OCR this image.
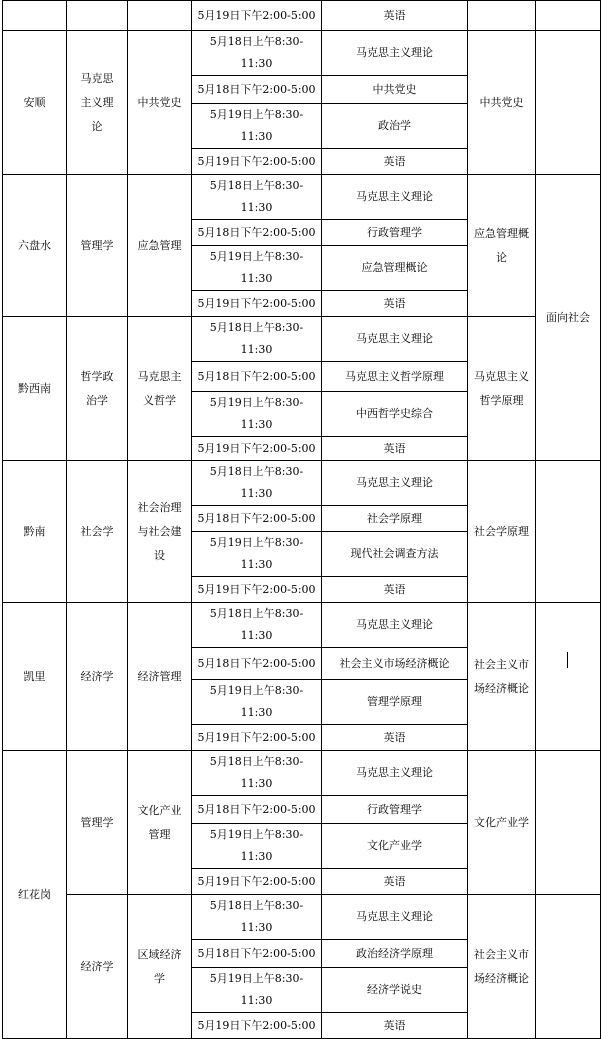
			5月19日下午2:00-5:00	英语		
安顺	马克思主义理论	中共党史	5月18日上午8:30-11:30	马克思主义理论	中共党史	
			5月18日下午2:00-5:00	中共党史		
			5月19日上午8:30-11:30	政治学		
			5月19日下午2:00-5:00	英语		
六盘水	管理学	应急管理	5月18日上午8:30-11:30	马克思主义理论	应急管理概论	面向社会
			5月18日下午2:00-5:00	行政管理学		
			5月19日上午8:30-11:30	应急管理概论		
			5月19日下午2:00-5:00	英语		
黔西南	哲学政治学	马克思主义哲学	5月18日上午8:30-11:30	马克思主义理论	马克思主义哲学原理	
			5月18日下午2:00-5:00	马克思主义哲学原理		
			5月19日上午8:30-11:30	中西哲学史综合		
			5月19日下午2:00-5:00	英语		
黔南	社会学	社会治理与社会建设	5月18日上午8:30-11:30	马克思主义理论	社会学原理	
			5月18日下午2:00-5:00	社会学原理		
			5月19日上午8:30-11:30	现代社会调查方法		
			5月19日下午2:00-5:00	英语		
凯里	经济学	经济管理	5月18日上午8:30-11:30	马克思主义理论	社会主义市场经济概论	
			5月18日下午2:00-5:00	社会主义市场经济概论		
			5月19日上午8:30-11:30	管理学原理		
			5月19日下午2:00-5:00	英语		
红花岗	管理学	文化产业管理	5月18日上午8:30-11:30	马克思主义理论	文化产业学	
			5月18日下午2:00-5:00	行政管理学		
			5月19日上午8:30-11:30	文化产业学		
			5月19日下午2:00-5:00	英语		
	经济学	区域经济学	5月18日上午8:30-11:30	马克思主义理论	社会主义市场经济概论	
			5月18日下午2:00-5:00	政治经济学原理		
			5月19日上午8:30-11:30	经济学说史		
			5月19日下午2:00-5:00	英语		
